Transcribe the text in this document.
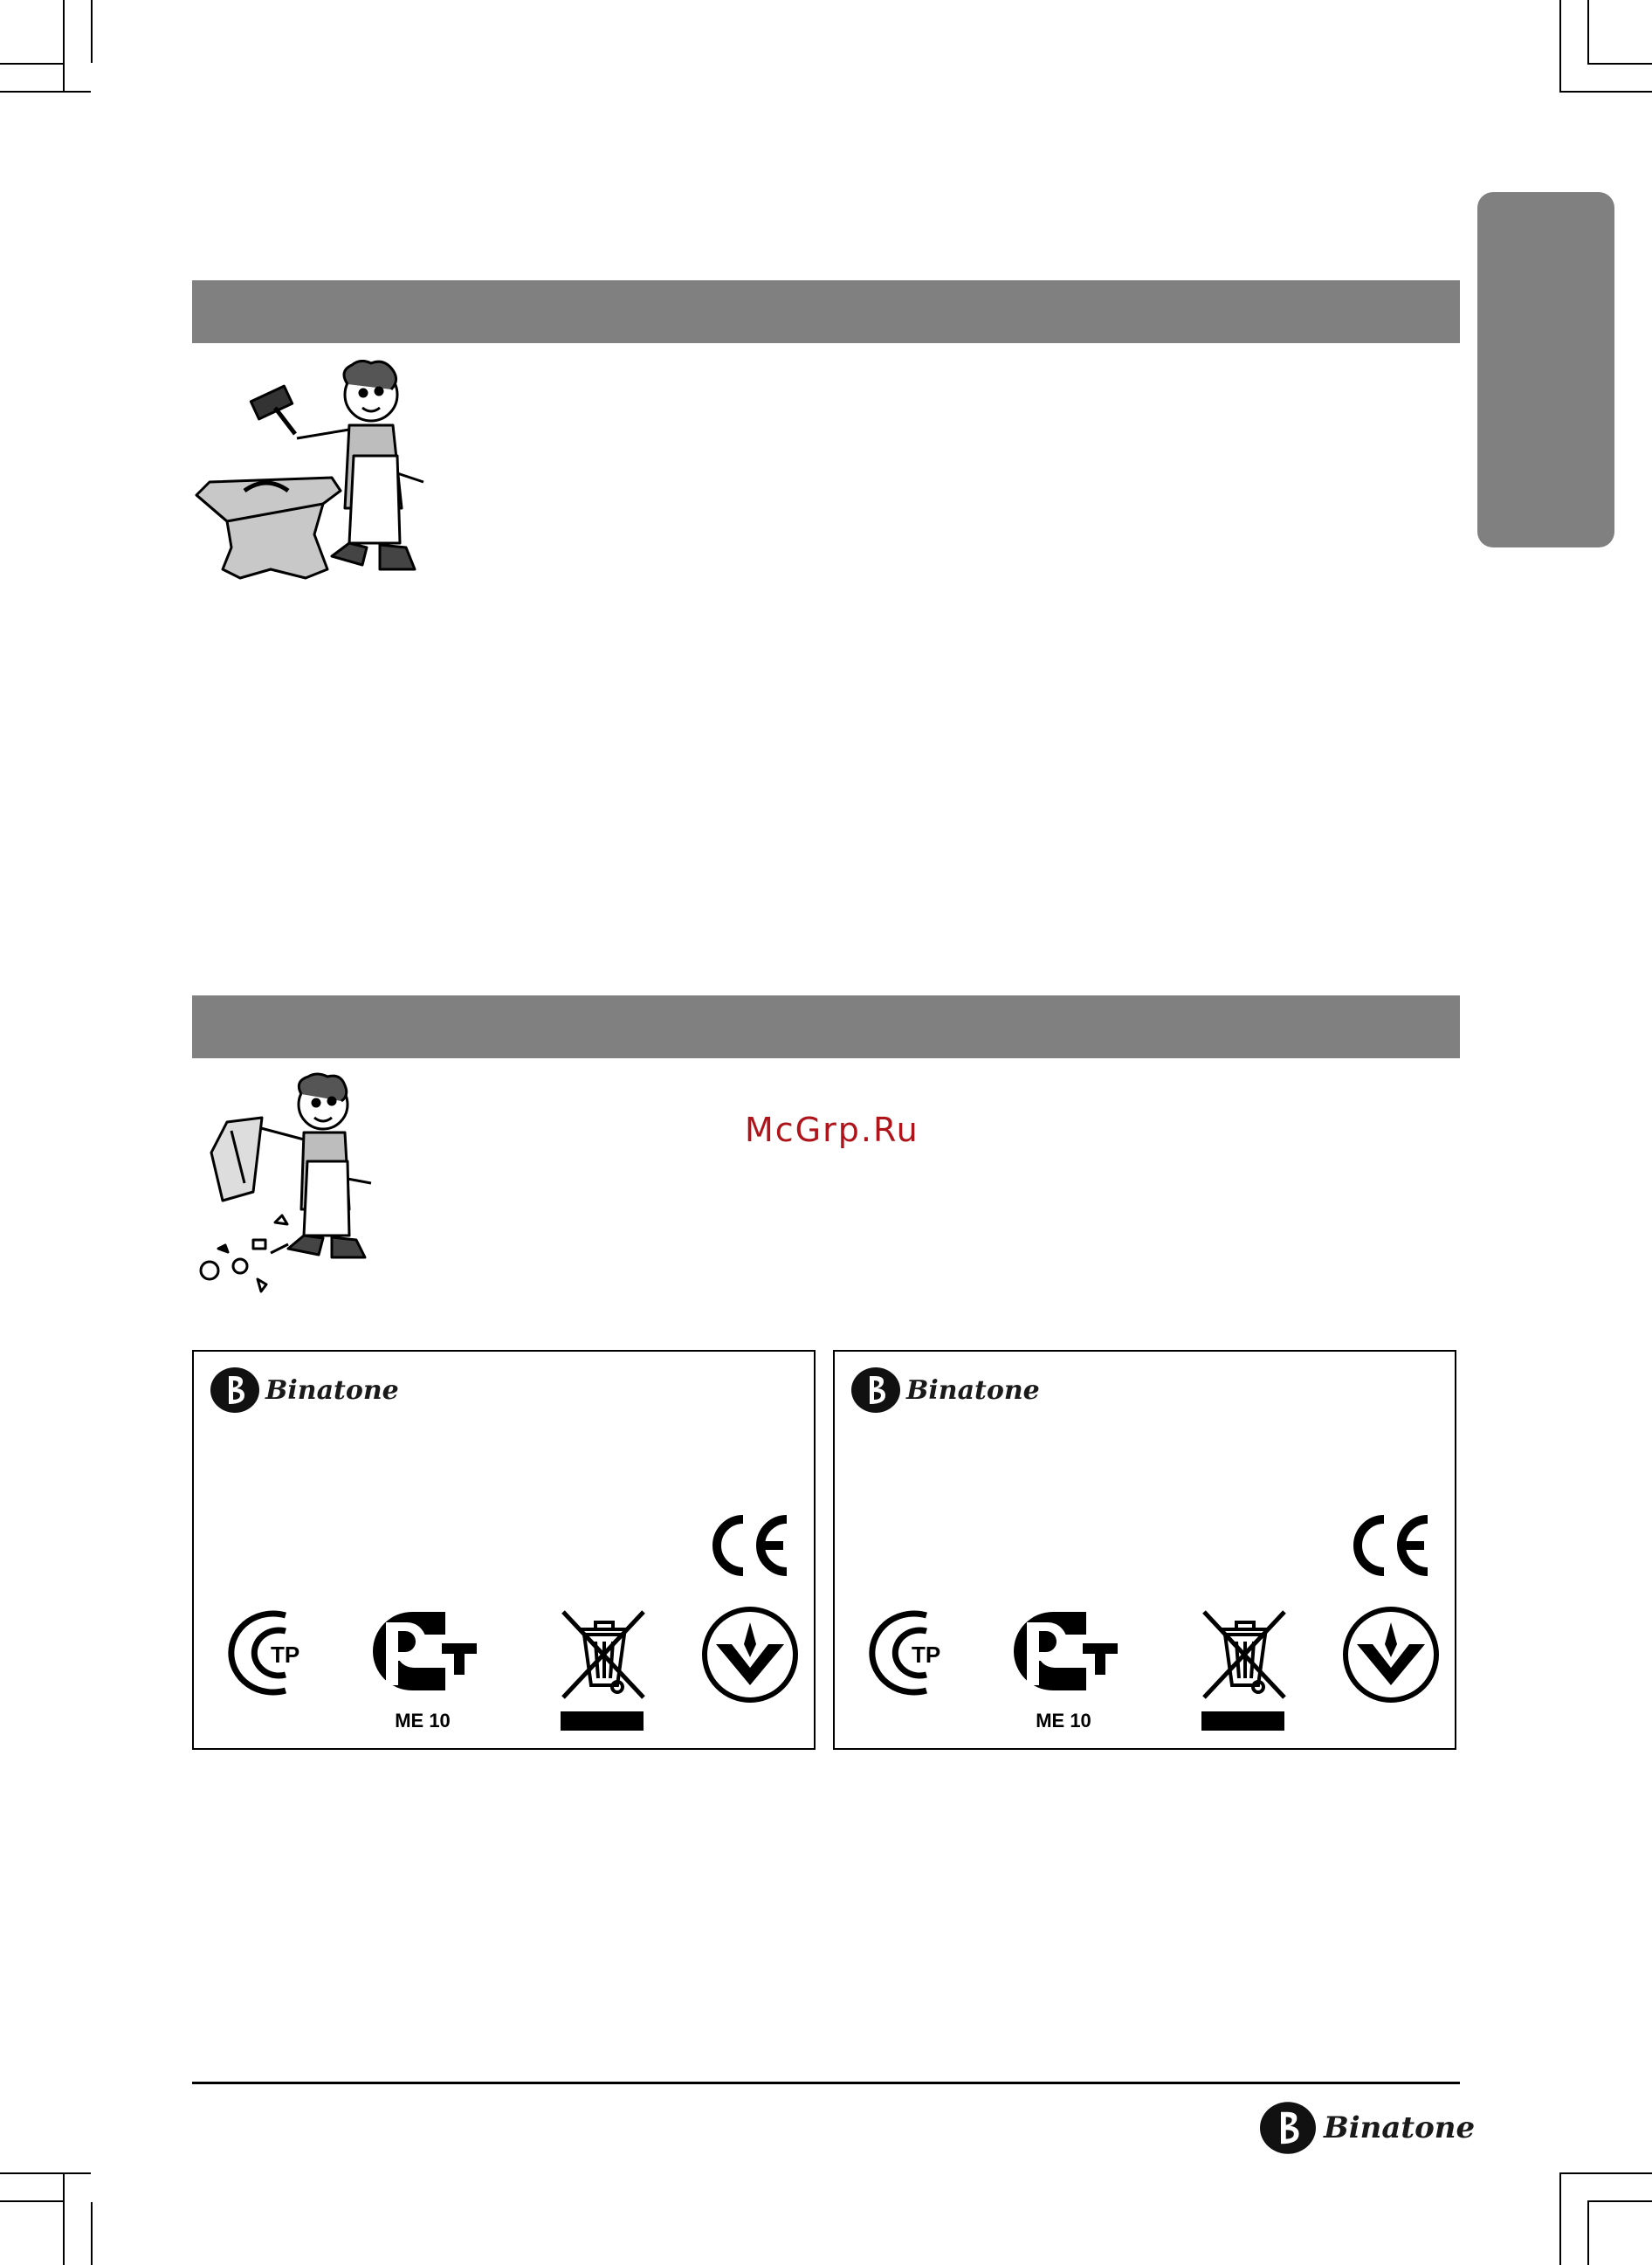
McGrp.Ru
Binatone
ТР
ME 10
Binatone
ТР
ME 10
Binatone
